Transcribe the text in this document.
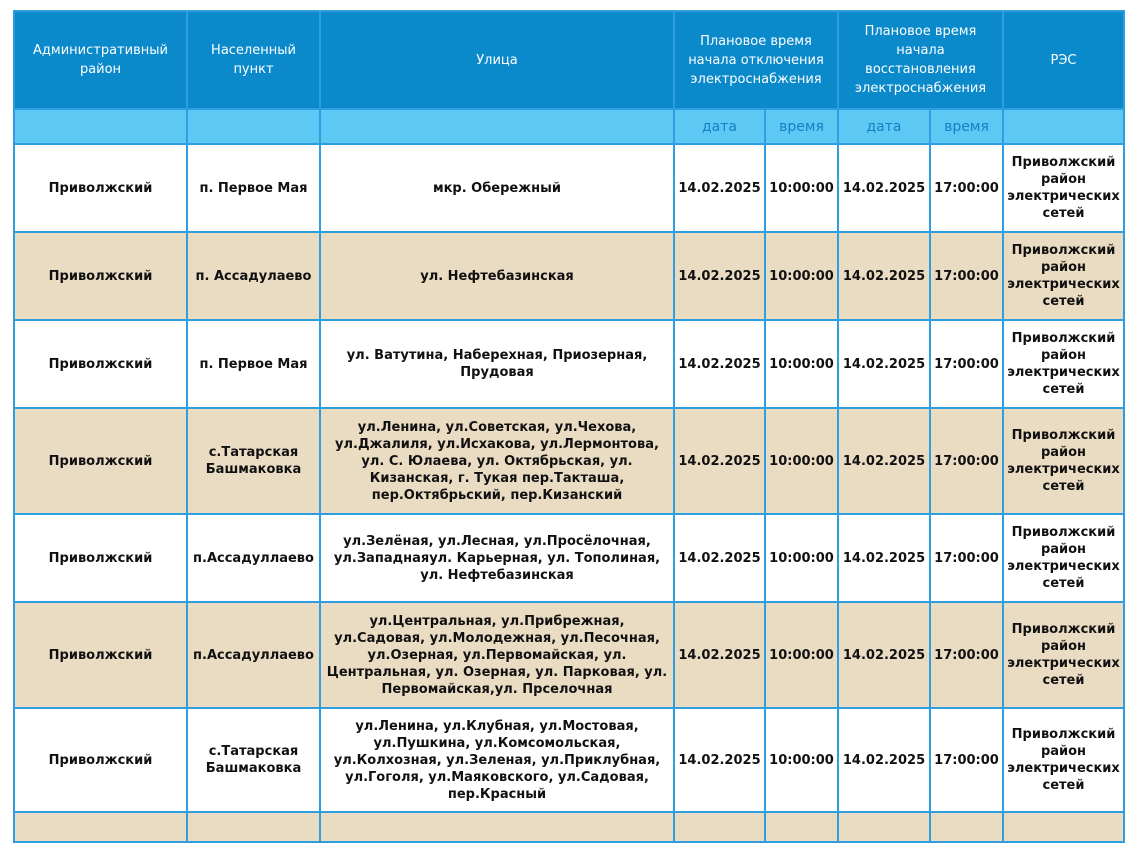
Административный район	Населенный пункт	Улица	Плановое время начала отключения электроснабжения		Плановое время начала восстановления электроснабжения		РЭС
			дата	время	дата	время	
Приволжский	п. Первое Мая	мкр. Обережный	14.02.2025	10:00:00	14.02.2025	17:00:00	Приволжский район электрических сетей
Приволжский	п. Ассадулаево	ул. Нефтебазинская	14.02.2025	10:00:00	14.02.2025	17:00:00	Приволжский район электрических сетей
Приволжский	п. Первое Мая	ул. Ватутина, Наберехная, Приозерная, Прудовая	14.02.2025	10:00:00	14.02.2025	17:00:00	Приволжский район электрических сетей
Приволжский	с.Татарская Башмаковка	ул.Ленина, ул.Советская, ул.Чехова, ул.Джалиля, ул.Исхакова, ул.Лермонтова, ул. С. Юлаева, ул. Октябрьская, ул. Кизанская, г. Тукая пер.Такташа, пер.Октябрьский, пер.Кизанский	14.02.2025	10:00:00	14.02.2025	17:00:00	Приволжский район электрических сетей
Приволжский	п.Ассадуллаево	ул.Зелёная, ул.Лесная, ул.Просёлочная, ул.Западнаяул. Карьерная, ул. Тополиная, ул. Нефтебазинская	14.02.2025	10:00:00	14.02.2025	17:00:00	Приволжский район электрических сетей
Приволжский	п.Ассадуллаево	ул.Центральная, ул.Прибрежная, ул.Садовая, ул.Молодежная, ул.Песочная, ул.Озерная, ул.Первомайская, ул. Центральная, ул. Озерная, ул. Парковая, ул. Первомайская,ул. Прселочная	14.02.2025	10:00:00	14.02.2025	17:00:00	Приволжский район электрических сетей
Приволжский	с.Татарская Башмаковка	ул.Ленина, ул.Клубная, ул.Мостовая, ул.Пушкина, ул.Комсомольская, ул.Колхозная, ул.Зеленая, ул.Приклубная, ул.Гоголя, ул.Маяковского, ул.Садовая, пер.Красный	14.02.2025	10:00:00	14.02.2025	17:00:00	Приволжский район электрических сетей
